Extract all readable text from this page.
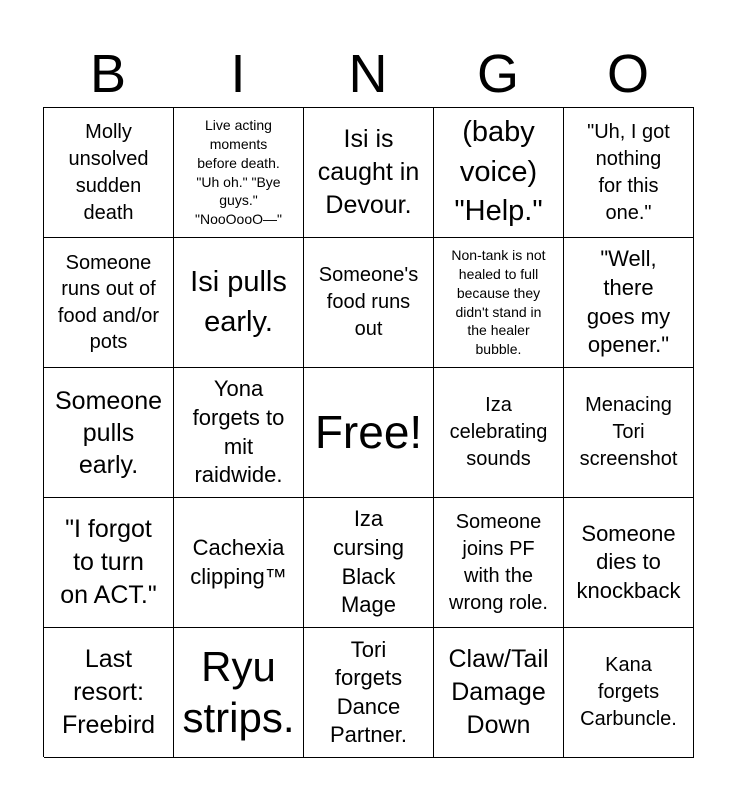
B	I	N	G	O
Molly
unsolved
sudden
death
Live acting
moments
before death.
"Uh oh." "Bye
guys."
"NooOooO—"
Isi is
caught in
Devour.
(baby
voice)
"Help."
"Uh, I got
nothing
for this
one."
Someone
runs out of
food and/or
pots
Isi pulls
early.
Someone's
food runs
out
Non-tank is not
healed to full
because they
didn't stand in
the healer
bubble.
"Well,
there
goes my
opener."
Someone
pulls
early.
Yona
forgets to
mit
raidwide.
Free!
Iza
celebrating
sounds
Menacing
Tori
screenshot
"I forgot
to turn
on ACT."
Cachexia
clipping™
Iza
cursing
Black
Mage
Someone
joins PF
with the
wrong role.
Someone
dies to
knockback
Last
resort:
Freebird
Ryu
strips.
Tori
forgets
Dance
Partner.
Claw/Tail
Damage
Down
Kana
forgets
Carbuncle.
